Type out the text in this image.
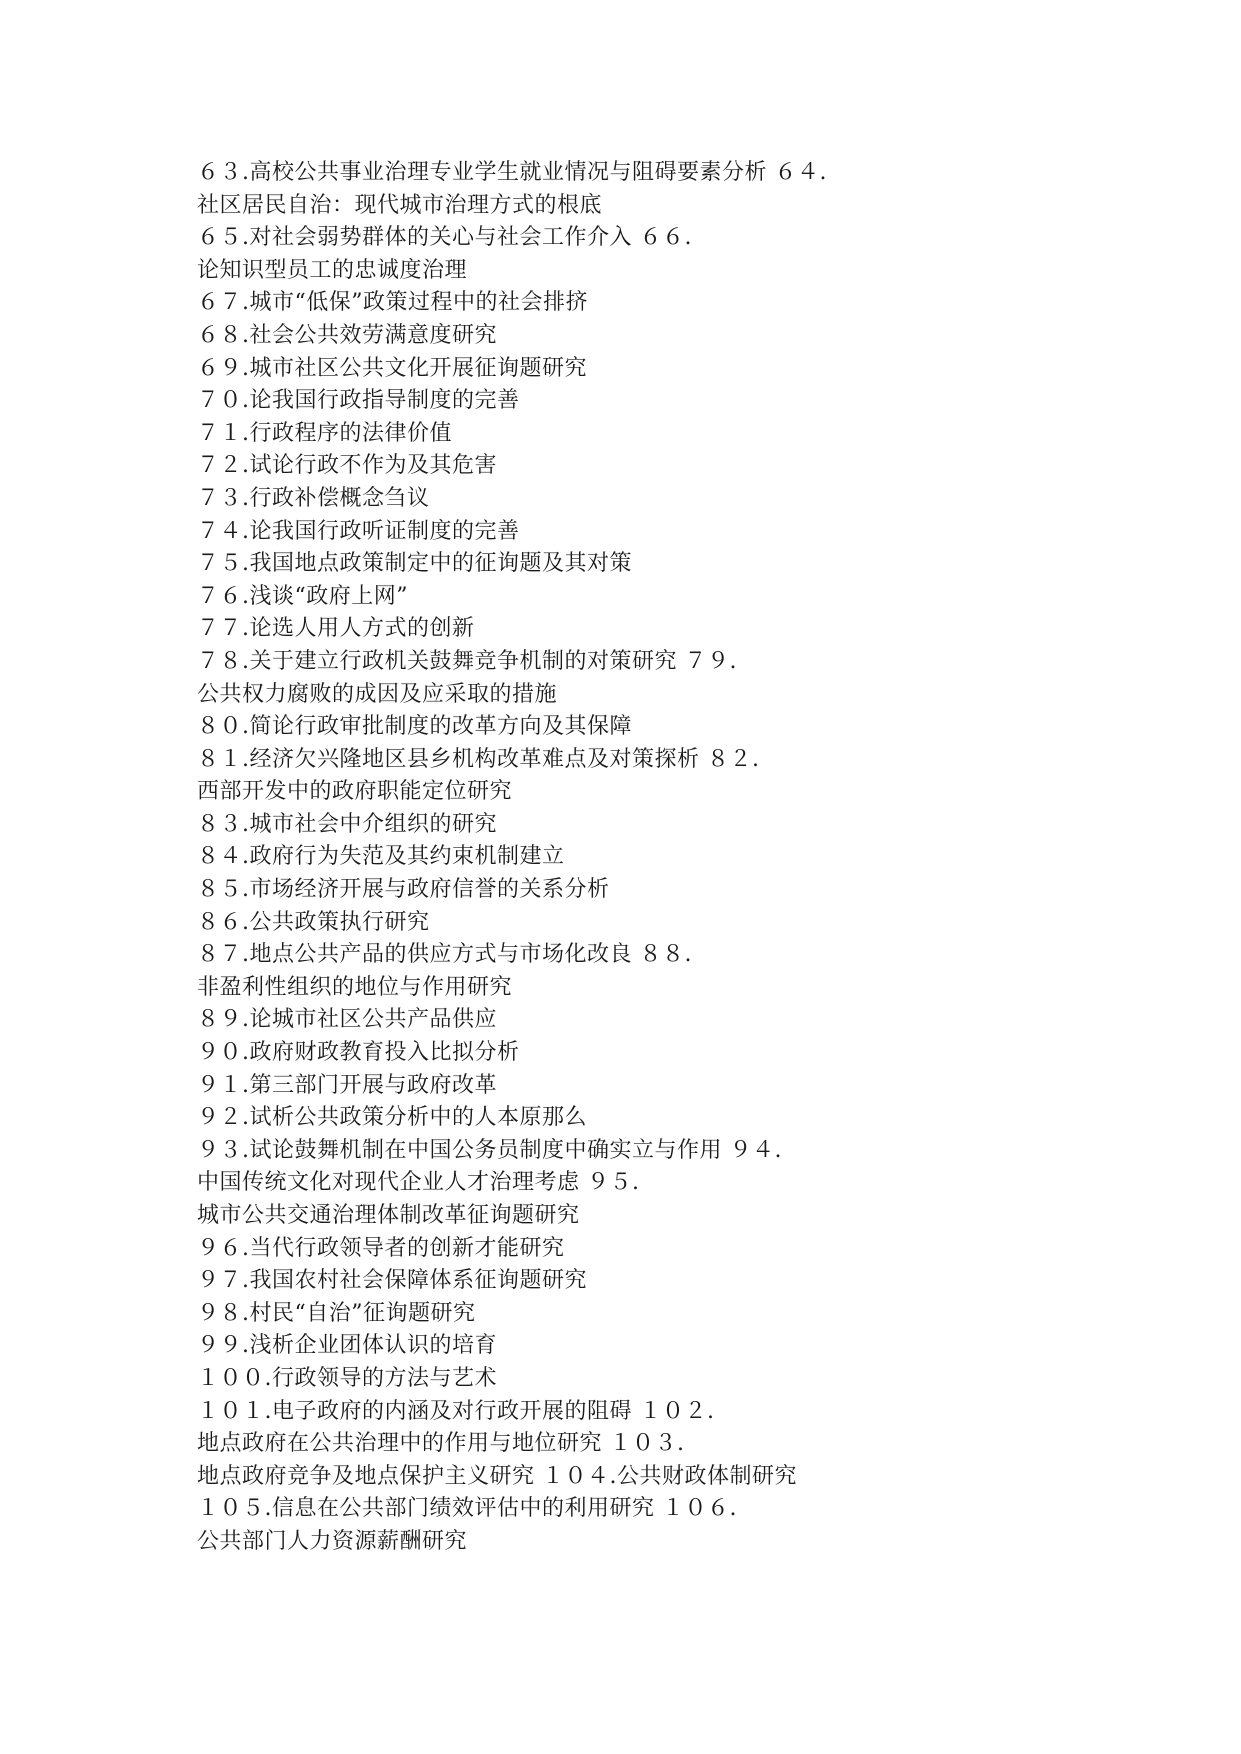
６３.高校公共事业治理专业学生就业情况与阻碍要素分析 ６４.
社区居民自治：现代城市治理方式的根底
６５.对社会弱势群体的关心与社会工作介入 ６６.
论知识型员工的忠诚度治理
６７.城市“低保”政策过程中的社会排挤
６８.社会公共效劳满意度研究
６９.城市社区公共文化开展征询题研究
７０.论我国行政指导制度的完善
７１.行政程序的法律价值
７２.试论行政不作为及其危害
７３.行政补偿概念刍议
７４.论我国行政听证制度的完善
７５.我国地点政策制定中的征询题及其对策
７６.浅谈“政府上网”
７７.论选人用人方式的创新
７８.关于建立行政机关鼓舞竞争机制的对策研究 ７９.
公共权力腐败的成因及应采取的措施
８０.简论行政审批制度的改革方向及其保障
８１.经济欠兴隆地区县乡机构改革难点及对策探析 ８２.
西部开发中的政府职能定位研究
８３.城市社会中介组织的研究
８４.政府行为失范及其约束机制建立
８５.市场经济开展与政府信誉的关系分析
８６.公共政策执行研究
８７.地点公共产品的供应方式与市场化改良 ８８.
非盈利性组织的地位与作用研究
８９.论城市社区公共产品供应
９０.政府财政教育投入比拟分析
９１.第三部门开展与政府改革
９２.试析公共政策分析中的人本原那么
９３.试论鼓舞机制在中国公务员制度中确实立与作用 ９４.
中国传统文化对现代企业人才治理考虑 ９５.
城市公共交通治理体制改革征询题研究
９６.当代行政领导者的创新才能研究
９７.我国农村社会保障体系征询题研究
９８.村民“自治”征询题研究
９９.浅析企业团体认识的培育
１００.行政领导的方法与艺术
１０１.电子政府的内涵及对行政开展的阻碍 １０２.
地点政府在公共治理中的作用与地位研究 １０３.
地点政府竞争及地点保护主义研究 １０４.公共财政体制研究
１０５.信息在公共部门绩效评估中的利用研究 １０６.
公共部门人力资源薪酬研究
